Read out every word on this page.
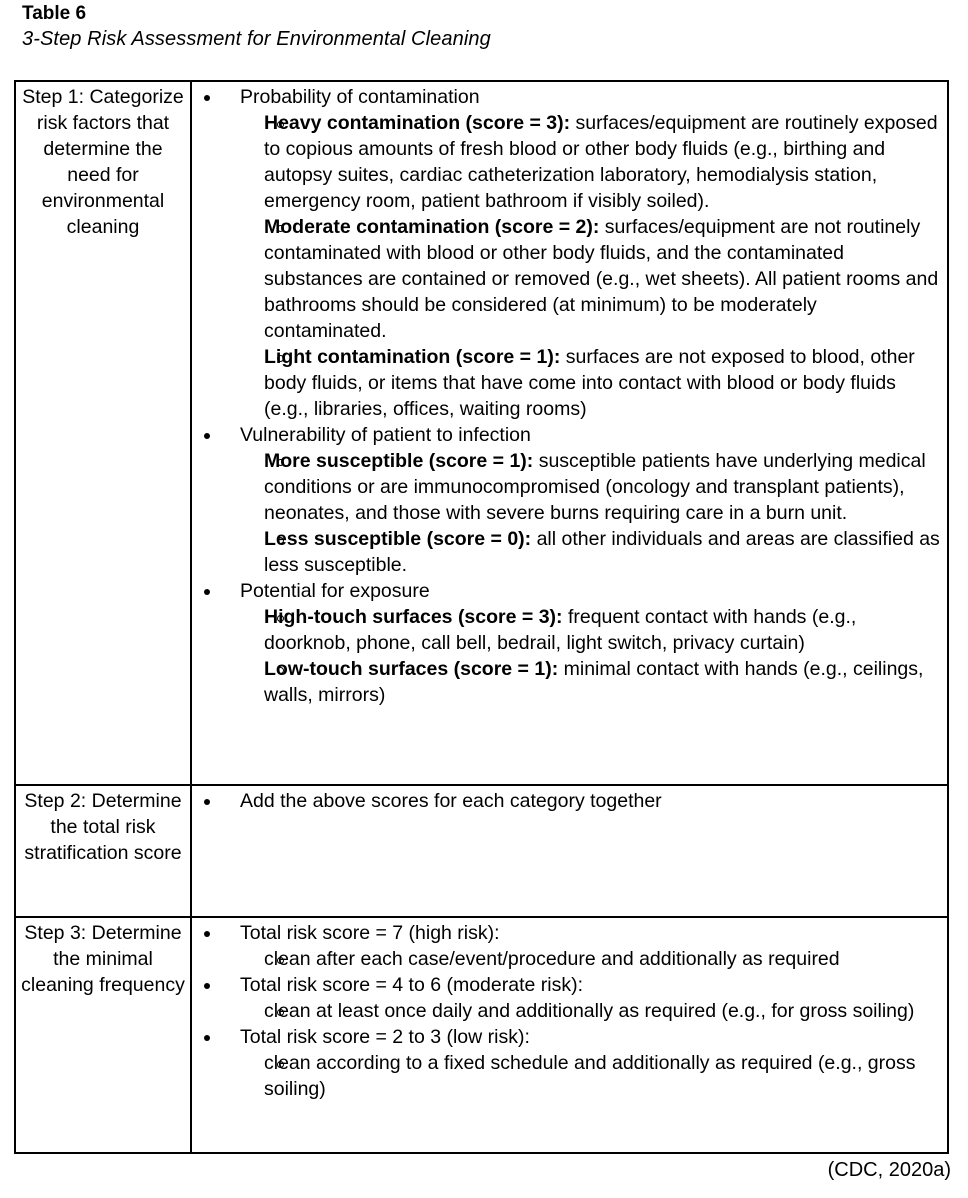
Table 6
3-Step Risk Assessment for Environmental Cleaning
Step 1: Categorize risk factors that determine the need for environmental cleaning	
Probability of contamination
Heavy contamination (score = 3): surfaces/equipment are routinely exposed to copious amounts of fresh blood or other body fluids (e.g., birthing and autopsy suites, cardiac catheterization laboratory, hemodialysis station, emergency room, patient bathroom if visibly soiled).
Moderate contamination (score = 2): surfaces/equipment are not routinely contaminated with blood or other body fluids, and the contaminated substances are contained or removed (e.g., wet sheets). All patient rooms and bathrooms should be considered (at minimum) to be moderately contaminated.
Light contamination (score = 1): surfaces are not exposed to blood, other body fluids, or items that have come into contact with blood or body fluids (e.g., libraries, offices, waiting rooms)
Vulnerability of patient to infection
More susceptible (score = 1): susceptible patients have underlying medical conditions or are immunocompromised (oncology and transplant patients), neonates, and those with severe burns requiring care in a burn unit.
Less susceptible (score = 0): all other individuals and areas are classified as less susceptible.
Potential for exposure
High-touch surfaces (score = 3): frequent contact with hands (e.g., doorknob, phone, call bell, bedrail, light switch, privacy curtain)
Low-touch surfaces (score = 1): minimal contact with hands (e.g., ceilings, walls, mirrors)

Step 2: Determine the total risk stratification score	
Add the above scores for each category together

Step 3: Determine the minimal cleaning frequency	
Total risk score = 7 (high risk):
clean after each case/event/procedure and additionally as required
Total risk score = 4 to 6 (moderate risk):
clean at least once daily and additionally as required (e.g., for gross soiling)
Total risk score = 2 to 3 (low risk):
clean according to a fixed schedule and additionally as required (e.g., gross soiling)
(CDC, 2020a)
